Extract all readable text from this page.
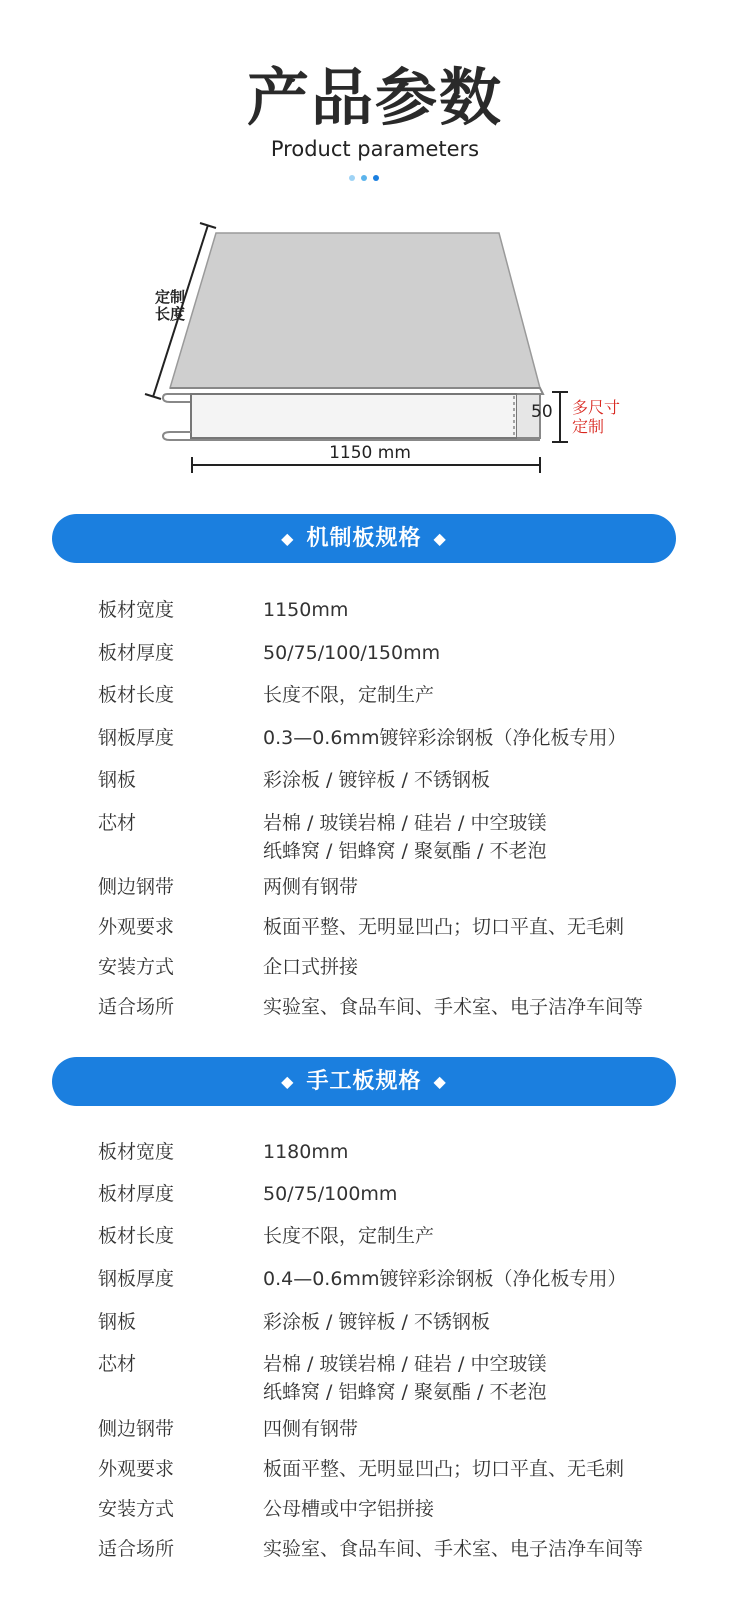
产品参数
Product parameters
定制
长度
50 多尺寸
定制
1150 mm
◆ 机制板规格 ◆
板材宽度	1150mm
板材厚度	50/75/100/150mm
板材长度	长度不限，定制生产
钢板厚度	0.3—0.6mm镀锌彩涂钢板（净化板专用）
钢板	彩涂板 / 镀锌板 / 不锈钢板
芯材	岩棉 / 玻镁岩棉 / 硅岩 / 中空玻镁
纸蜂窝 / 铝蜂窝 / 聚氨酯 / 不老泡
侧边钢带	两侧有钢带
外观要求	板面平整、无明显凹凸；切口平直、无毛刺
安装方式	企口式拼接
适合场所	实验室、食品车间、手术室、电子洁净车间等
◆ 手工板规格 ◆
板材宽度	1180mm
板材厚度	50/75/100mm
板材长度	长度不限，定制生产
钢板厚度	0.4—0.6mm镀锌彩涂钢板（净化板专用）
钢板	彩涂板 / 镀锌板 / 不锈钢板
芯材	岩棉 / 玻镁岩棉 / 硅岩 / 中空玻镁
纸蜂窝 / 铝蜂窝 / 聚氨酯 / 不老泡
侧边钢带	四侧有钢带
外观要求	板面平整、无明显凹凸；切口平直、无毛刺
安装方式	公母槽或中字铝拼接
适合场所	实验室、食品车间、手术室、电子洁净车间等
